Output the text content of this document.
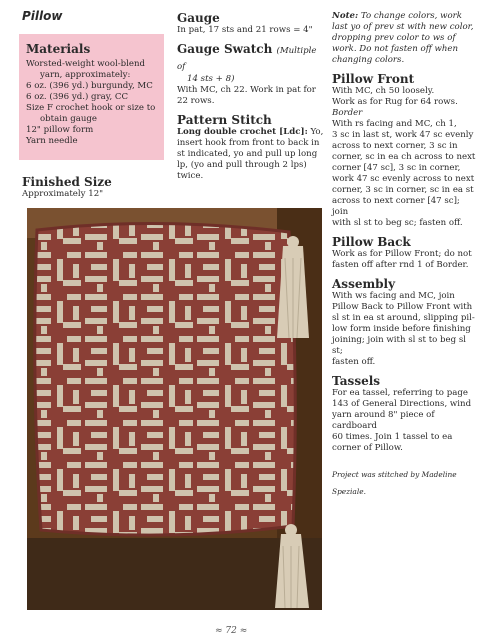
Pillow

Materials

Worsted-weight wool-blend

yarn, approximately:

6 oz. (396 yd.) burgundy, MC

6 oz. (396 yd.) gray, CC

Size F crochet hook or size to

obtain gauge

12" pillow form

Yarn needle

Finished Size

Approximately 12"

Gauge

In pat, 17 sts and 21 rows = 4"

Gauge Swatch (Multiple of

14 sts + 8)

With MC, ch 22. Work in pat for

22 rows.

Pattern Stitch

Long double crochet [Ldc]: Yo,

insert hook from front to back in

st indicated, yo and pull up long

lp, (yo and pull through 2 lps)

twice.

Note: To change colors, work

last yo of prev st with new color,

dropping prev color to ws of

work. Do not fasten off when

changing colors.

Pillow Front

With MC, ch 50 loosely.

Work as for Rug for 64 rows.

Border

With rs facing and MC, ch 1,

3 sc in last st, work 47 sc evenly

across to next corner, 3 sc in

corner, sc in ea ch across to next

corner [47 sc], 3 sc in corner,

work 47 sc evenly across to next

corner, 3 sc in corner, sc in ea st

across to next corner [47 sc]; join

with sl st to beg sc; fasten off.

Pillow Back

Work as for Pillow Front; do not

fasten off after rnd 1 of Border.

Assembly

With ws facing and MC, join

Pillow Back to Pillow Front with

sl st in ea st around, slipping pil-

low form inside before finishing

joining; join with sl st to beg sl st;

fasten off.

Tassels

For ea tassel, referring to page

143 of General Directions, wind

yarn around 8" piece of cardboard

60 times. Join 1 tassel to ea

corner of Pillow.

Project was stitched by Madeline

Speziale.

≈ 72 ≈
